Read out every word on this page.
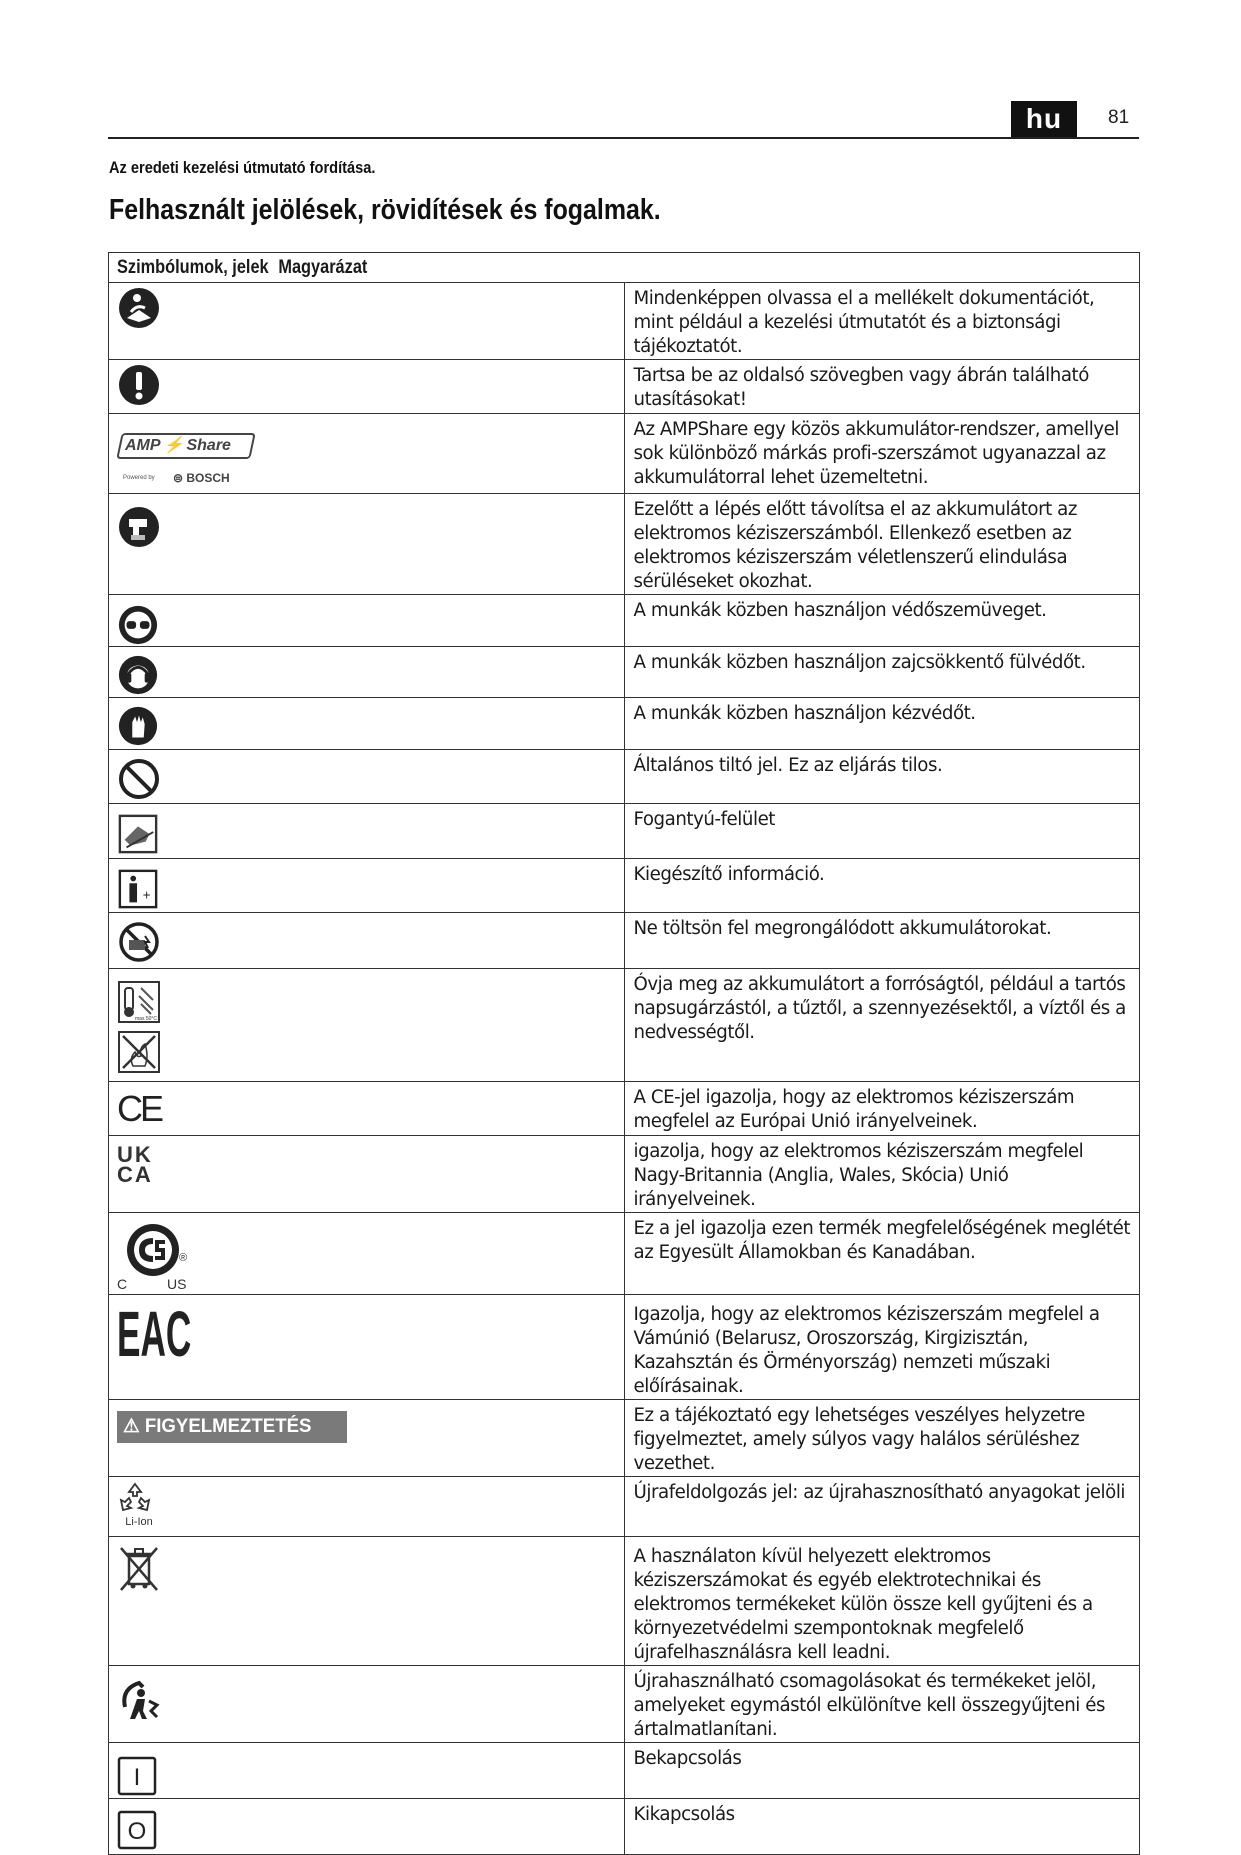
hu	81
Az eredeti kezelési útmutató fordítása.
Felhasznált jelölések, rövidítések és fogalmak.
Szimbólumok, jelek Magyarázat	

	Mindenképpen olvassa el a mellékelt dokumentációt, mint például a kezelési útmutatót és a biztonsági tájékoztatót.

	Tartsa be az oldalsó szövegben vagy ábrán található utasításokat!

AMP ⚡ Share
Powered by ⊜ BOSCH	Az AMPShare egy közös akkumulátor-rendszer, amellyel sok különböző márkás profi-szerszámot ugyanazzal az akkumulátorral lehet üzemeltetni.

	Ezelőtt a lépés előtt távolítsa el az akkumulátort az elektromos kéziszerszámból. Ellenkező esetben az elektromos kéziszerszám véletlenszerű elindulása sérüléseket okozhat.

	A munkák közben használjon védőszemüveget.

	A munkák közben használjon zajcsökkentő fülvédőt.

	A munkák közben használjon kézvédőt.

	Általános tiltó jel. Ez az eljárás tilos.

	Fogantyú-felület

+	Kiegészítő információ.

	Ne töltsön fel megrongálódott akkumulátorokat.

max 50°C	Óvja meg az akkumulátort a forróságtól, például a tartós napsugárzástól, a tűztől, a szennyezésektől, a víztől és a nedvességtől.

CE	A CE-jel igazolja, hogy az elektromos kéziszerszám megfelel az Európai Unió irányelveinek.

UK
CA	igazolja, hogy az elektromos kéziszerszám megfelel Nagy-Britannia (Anglia, Wales, Skócia) Unió irányelveinek.

®
C US	Ez a jel igazolja ezen termék megfelelőségének meglétét az Egyesült Államokban és Kanadában.

EAC	Igazolja, hogy az elektromos kéziszerszám megfelel a Vámúnió (Belarusz, Oroszország, Kirgizisztán, Kazahsztán és Örményország) nemzeti műszaki előírásainak.

⚠ FIGYELMEZTETÉS	Ez a tájékoztató egy lehetséges veszélyes helyzetre figyelmeztet, amely súlyos vagy halálos sérüléshez vezethet.

Li-Ion	Újrafeldolgozás jel: az újrahasznosítható anyagokat jelöli

	A használaton kívül helyezett elektromos kéziszerszámokat és egyéb elektrotechnikai és elektromos termékeket külön össze kell gyűjteni és a környezetvédelmi szempontoknak megfelelő újrafelhasználásra kell leadni.

	Újrahasználható csomagolásokat és termékeket jelöl, amelyeket egymástól elkülönítve kell összegyűjteni és ártalmatlanítani.

I	Bekapcsolás

O	Kikapcsolás
